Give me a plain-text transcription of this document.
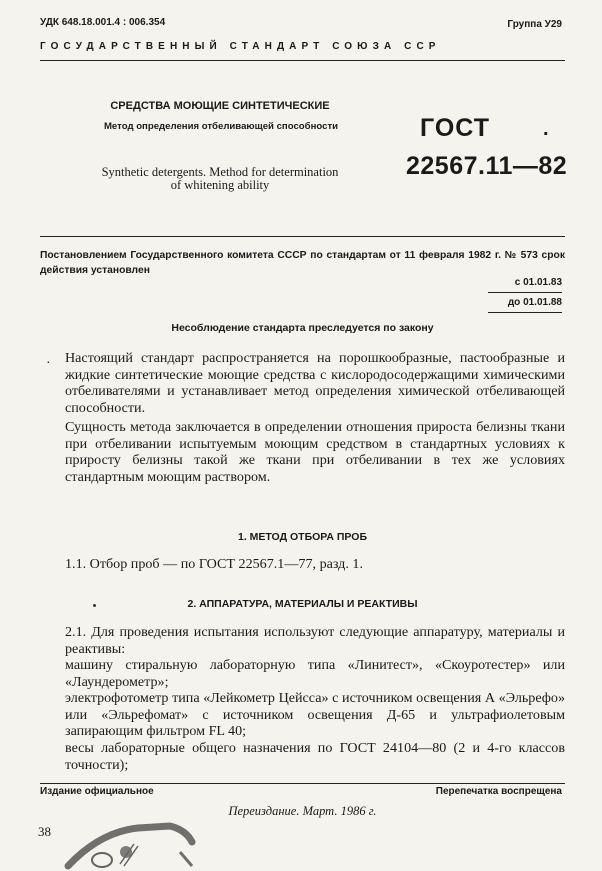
УДК 648.18.001.4 : 006.354	Группа У29
ГОСУДАРСТВЕННЫЙ СТАНДАРТ СОЮЗА ССР
СРЕДСТВА МОЮЩИЕ СИНТЕТИЧЕСКИЕ
Метод определения отбеливающей способности
Synthetic detergents. Method for determination
of whitening ability
ГОСТ	.
22567.11—82
Постановлением Государственного комитета СССР по стандартам от 11 февраля 1982 г. № 573 срок действия установлен
с 01.01.83
до 01.01.88
Несоблюдение стандарта преследуется по закону
· Настоящий стандарт распространяется на порошкообразные, пастообразные и жидкие синтетические моющие средства с кислородосодержащими химическими отбеливателями и устанавливает метод определения химической отбеливающей способности.
Сущность метода заключается в определении отношения прироста белизны ткани при отбеливании испытуемым моющим средством в стандартных условиях к приросту белизны такой же ткани при отбеливании в тех же условиях стандартным моющим раствором.
1. МЕТОД ОТБОРА ПРОБ
1.1. Отбор проб — по ГОСТ 22567.1—77, разд. 1.
2. АППАРАТУРА, МАТЕРИАЛЫ И РЕАКТИВЫ
2.1. Для проведения испытания используют следующие аппаратуру, материалы и реактивы:
машину стиральную лабораторную типа «Линитест», «Скоуротестер» или «Лаундерометр»;
электрофотометр типа «Лейкометр Цейсса» с источником освещения А «Эльрефо» или «Эльрефомат» с источником освещения Д-65 и ультрафиолетовым запирающим фильтром FL 40;
весы лабораторные общего назначения по ГОСТ 24104—80 (2 и 4-го классов точности);
Издание официальное	Перепечатка воспрещена
Переиздание. Март. 1986 г.
38
